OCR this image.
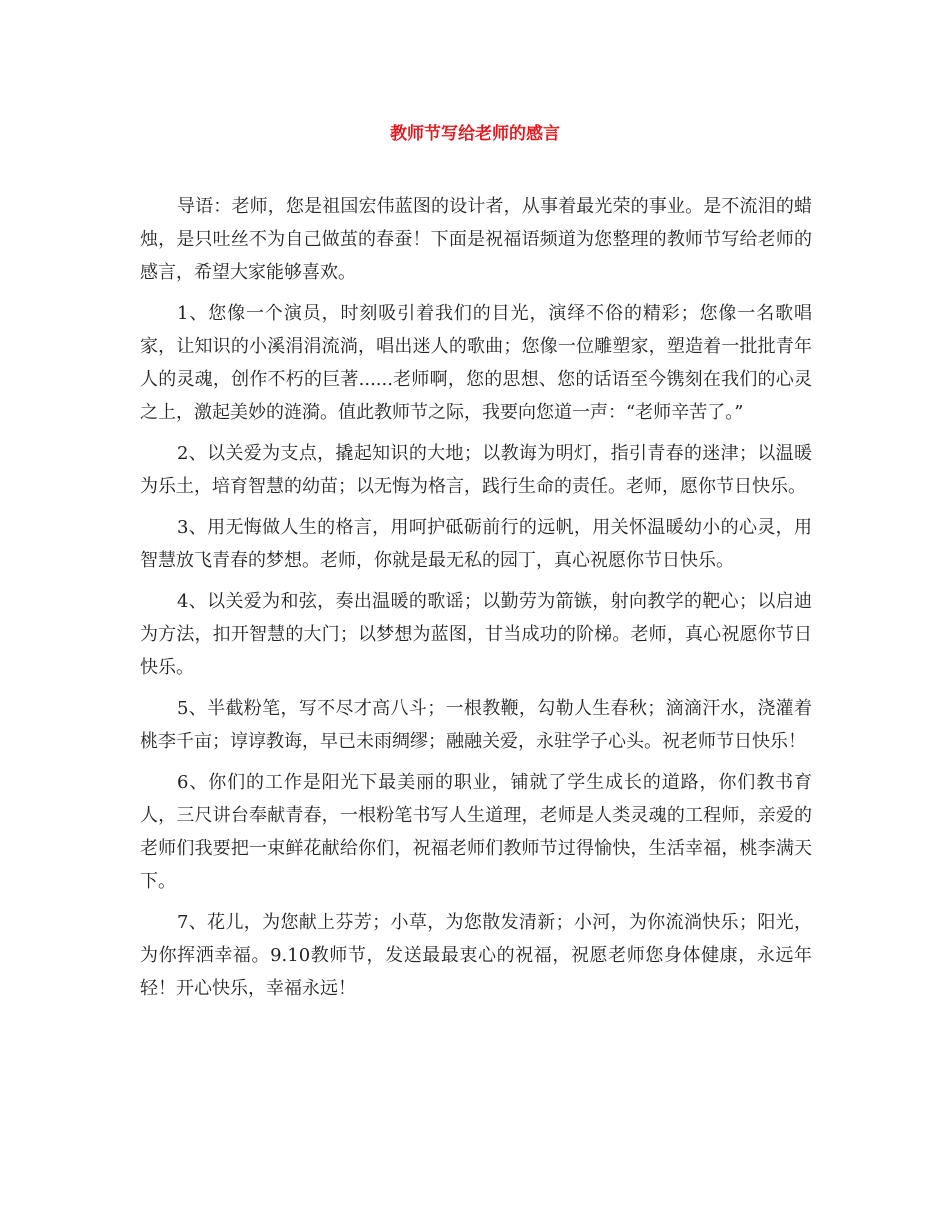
教师节写给老师的感言

导语：老师，您是祖国宏伟蓝图的设计者，从事着最光荣的事业。是不流泪的蜡烛，是只吐丝不为自己做茧的春蚕！下面是祝福语频道为您整理的教师节写给老师的感言，希望大家能够喜欢。

1、您像一个演员，时刻吸引着我们的目光，演绎不俗的精彩；您像一名歌唱家，让知识的小溪涓涓流淌，唱出迷人的歌曲；您像一位雕塑家，塑造着一批批青年人的灵魂，创作不朽的巨著......老师啊，您的思想、您的话语至今镌刻在我们的心灵之上，激起美妙的涟漪。值此教师节之际，我要向您道一声：“老师辛苦了。”

2、以关爱为支点，撬起知识的大地；以教诲为明灯，指引青春的迷津；以温暖为乐土，培育智慧的幼苗；以无悔为格言，践行生命的责任。老师，愿你节日快乐。

3、用无悔做人生的格言，用呵护砥砺前行的远帆，用关怀温暖幼小的心灵，用智慧放飞青春的梦想。老师，你就是最无私的园丁，真心祝愿你节日快乐。

4、以关爱为和弦，奏出温暖的歌谣；以勤劳为箭镞，射向教学的靶心；以启迪为方法，扣开智慧的大门；以梦想为蓝图，甘当成功的阶梯。老师，真心祝愿你节日快乐。

5、半截粉笔，写不尽才高八斗；一根教鞭，勾勒人生春秋；滴滴汗水，浇灌着桃李千亩；谆谆教诲，早已未雨绸缪；融融关爱，永驻学子心头。祝老师节日快乐！

6、你们的工作是阳光下最美丽的职业，铺就了学生成长的道路，你们教书育人，三尺讲台奉献青春，一根粉笔书写人生道理，老师是人类灵魂的工程师，亲爱的老师们我要把一束鲜花献给你们，祝福老师们教师节过得愉快，生活幸福，桃李满天下。

7、花儿，为您献上芬芳；小草，为您散发清新；小河，为你流淌快乐；阳光，为你挥洒幸福。9.10教师节，发送最最衷心的祝福，祝愿老师您身体健康，永远年轻！开心快乐，幸福永远！
